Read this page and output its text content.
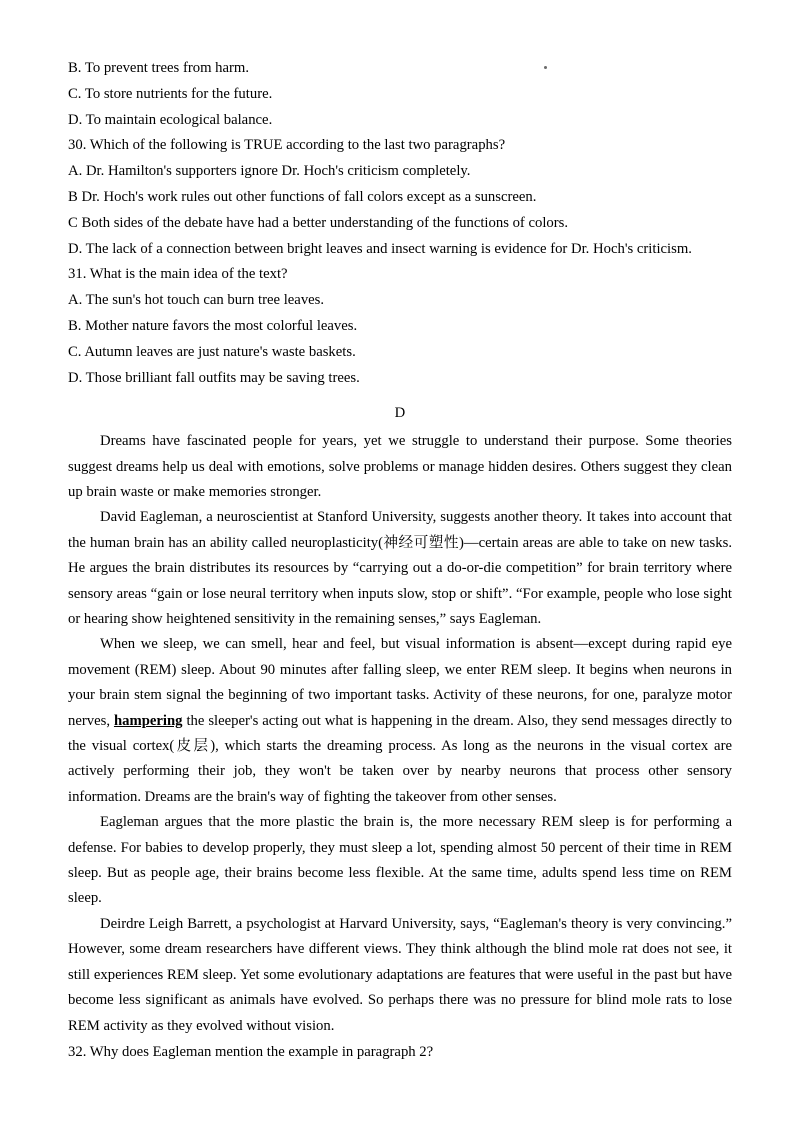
B. To prevent trees from harm.
C. To store nutrients for the future.
D. To maintain ecological balance.
30. Which of the following is TRUE according to the last two paragraphs?
A. Dr. Hamilton's supporters ignore Dr. Hoch's criticism completely.
B Dr. Hoch's work rules out other functions of fall colors except as a sunscreen.
C Both sides of the debate have had a better understanding of the functions of colors.
D. The lack of a connection between bright leaves and insect warning is evidence for Dr. Hoch's criticism.
31. What is the main idea of the text?
A. The sun's hot touch can burn tree leaves.
B. Mother nature favors the most colorful leaves.
C. Autumn leaves are just nature's waste baskets.
D. Those brilliant fall outfits may be saving trees.
D

Dreams have fascinated people for years, yet we struggle to understand their purpose. Some theories suggest dreams help us deal with emotions, solve problems or manage hidden desires. Others suggest they clean up brain waste or make memories stronger.

David Eagleman, a neuroscientist at Stanford University, suggests another theory. It takes into account that the human brain has an ability called neuroplasticity(神经可塑性)—certain areas are able to take on new tasks. He argues the brain distributes its resources by “carrying out a do-or-die competition” for brain territory where sensory areas “gain or lose neural territory when inputs slow, stop or shift”. “For example, people who lose sight or hearing show heightened sensitivity in the remaining senses,” says Eagleman.

When we sleep, we can smell, hear and feel, but visual information is absent—except during rapid eye movement (REM) sleep. About 90 minutes after falling sleep, we enter REM sleep. It begins when neurons in your brain stem signal the beginning of two important tasks. Activity of these neurons, for one, paralyze motor nerves, hampering the sleeper's acting out what is happening in the dream. Also, they send messages directly to the visual cortex(皮层), which starts the dreaming process. As long as the neurons in the visual cortex are actively performing their job, they won't be taken over by nearby neurons that process other sensory information. Dreams are the brain's way of fighting the takeover from other senses.

Eagleman argues that the more plastic the brain is, the more necessary REM sleep is for performing a defense. For babies to develop properly, they must sleep a lot, spending almost 50 percent of their time in REM sleep. But as people age, their brains become less flexible. At the same time, adults spend less time on REM sleep.

Deirdre Leigh Barrett, a psychologist at Harvard University, says, “Eagleman's theory is very convincing.” However, some dream researchers have different views. They think although the blind mole rat does not see, it still experiences REM sleep. Yet some evolutionary adaptations are features that were useful in the past but have become less significant as animals have evolved. So perhaps there was no pressure for blind mole rats to lose REM activity as they evolved without vision.

32. Why does Eagleman mention the example in paragraph 2?
